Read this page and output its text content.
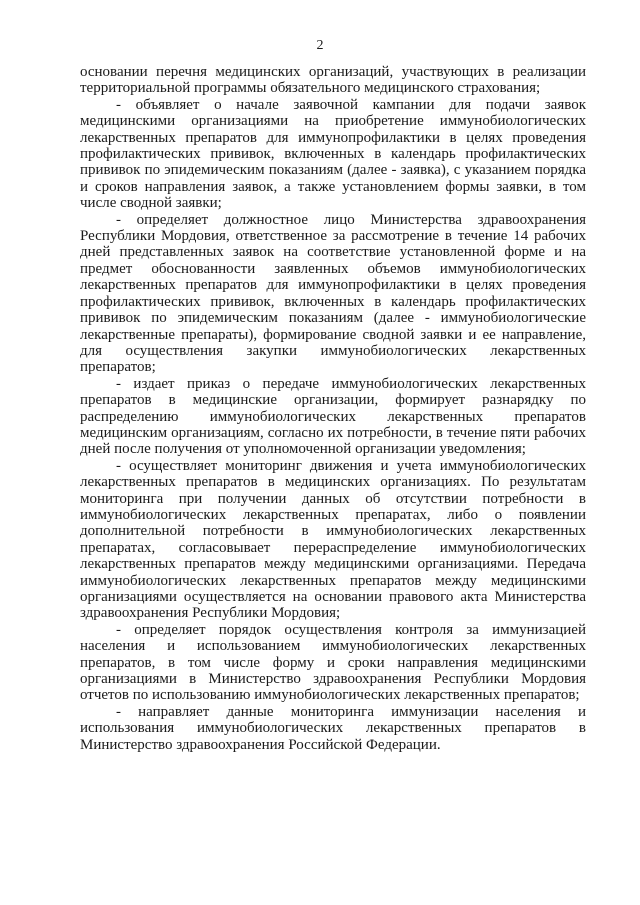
2

основании перечня медицинских организаций, участвующих в реализации территориальной программы обязательного медицинского страхования;

- объявляет о начале заявочной кампании для подачи заявок медицинскими организациями на приобретение иммунобиологических лекарственных препаратов для иммунопрофилактики в целях проведения профилактических прививок, включенных в календарь профилактических прививок по эпидемическим показаниям (далее - заявка), с указанием порядка и сроков направления заявок, а также установлением формы заявки, в том числе сводной заявки;

- определяет должностное лицо Министерства здравоохранения Республики Мордовия, ответственное за рассмотрение в течение 14 рабочих дней представленных заявок на соответствие установленной форме и на предмет обоснованности заявленных объемов иммунобиологических лекарственных препаратов для иммунопрофилактики в целях проведения профилактических прививок, включенных в календарь профилактических прививок по эпидемическим показаниям (далее - иммунобиологические лекарственные препараты), формирование сводной заявки и ее направление, для осуществления закупки иммунобиологических лекарственных препаратов;

- издает приказ о передаче иммунобиологических лекарственных препаратов в медицинские организации, формирует разнарядку по распределению иммунобиологических лекарственных препаратов медицинским организациям, согласно их потребности, в течение пяти рабочих дней после получения от уполномоченной организации уведомления;

- осуществляет мониторинг движения и учета иммунобиологических лекарственных препаратов в медицинских организациях. По результатам мониторинга при получении данных об отсутствии потребности в иммунобиологических лекарственных препаратах, либо о появлении дополнительной потребности в иммунобиологических лекарственных препаратах, согласовывает перераспределение иммунобиологических лекарственных препаратов между медицинскими организациями. Передача иммунобиологических лекарственных препаратов между медицинскими организациями осуществляется на основании правового акта Министерства здравоохранения Республики Мордовия;

- определяет порядок осуществления контроля за иммунизацией населения и использованием иммунобиологических лекарственных препаратов, в том числе форму и сроки направления медицинскими организациями в Министерство здравоохранения Республики Мордовия отчетов по использованию иммунобиологических лекарственных препаратов;

- направляет данные мониторинга иммунизации населения и использования иммунобиологических лекарственных препаратов в Министерство здравоохранения Российской Федерации.
